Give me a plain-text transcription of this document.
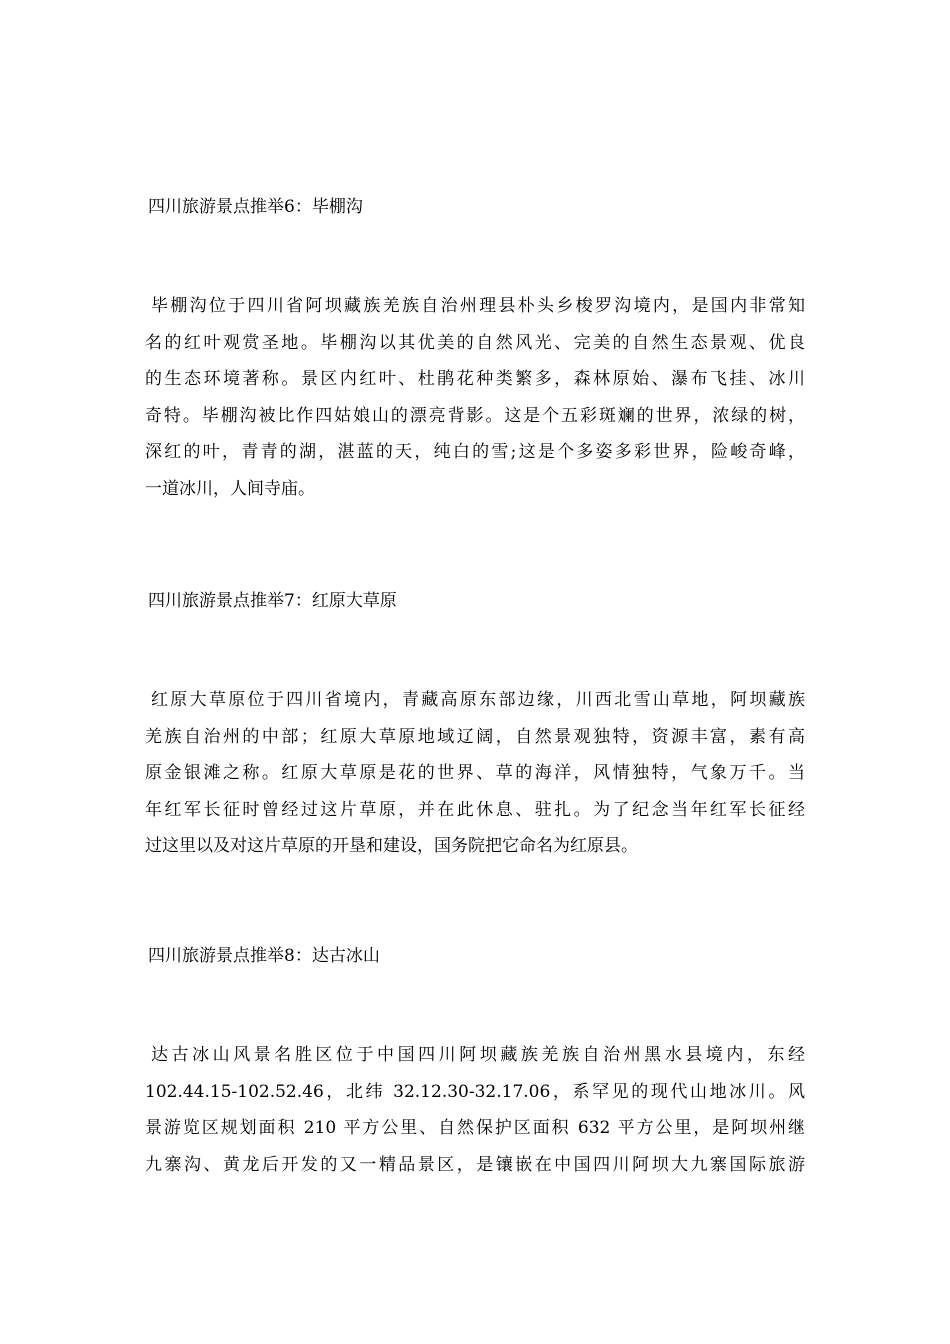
四川旅游景点推举6：毕棚沟
毕棚沟位于四川省阿坝藏族羌族自治州理县朴头乡梭罗沟境内，是国内非常知
名的红叶观赏圣地。毕棚沟以其优美的自然风光、完美的自然生态景观、优良
的生态环境著称。景区内红叶、杜鹃花种类繁多，森林原始、瀑布飞挂、冰川
奇特。毕棚沟被比作四姑娘山的漂亮背影。这是个五彩斑斓的世界，浓绿的树，
深红的叶，青青的湖，湛蓝的天，纯白的雪;这是个多姿多彩世界，险峻奇峰，
一道冰川，人间寺庙。
四川旅游景点推举7：红原大草原
红原大草原位于四川省境内，青藏高原东部边缘，川西北雪山草地，阿坝藏族
羌族自治州的中部；红原大草原地域辽阔，自然景观独特，资源丰富，素有高
原金银滩之称。红原大草原是花的世界、草的海洋，风情独特，气象万千。当
年红军长征时曾经过这片草原，并在此休息、驻扎。为了纪念当年红军长征经
过这里以及对这片草原的开垦和建设，国务院把它命名为红原县。
四川旅游景点推举8：达古冰山
达古冰山风景名胜区位于中国四川阿坝藏族羌族自治州黑水县境内，东经
102.44.15-102.52.46，北纬 32.12.30-32.17.06，系罕见的现代山地冰川。风
景游览区规划面积 210 平方公里、自然保护区面积 632 平方公里，是阿坝州继
九寨沟、黄龙后开发的又一精品景区，是镶嵌在中国四川阿坝大九寨国际旅游
